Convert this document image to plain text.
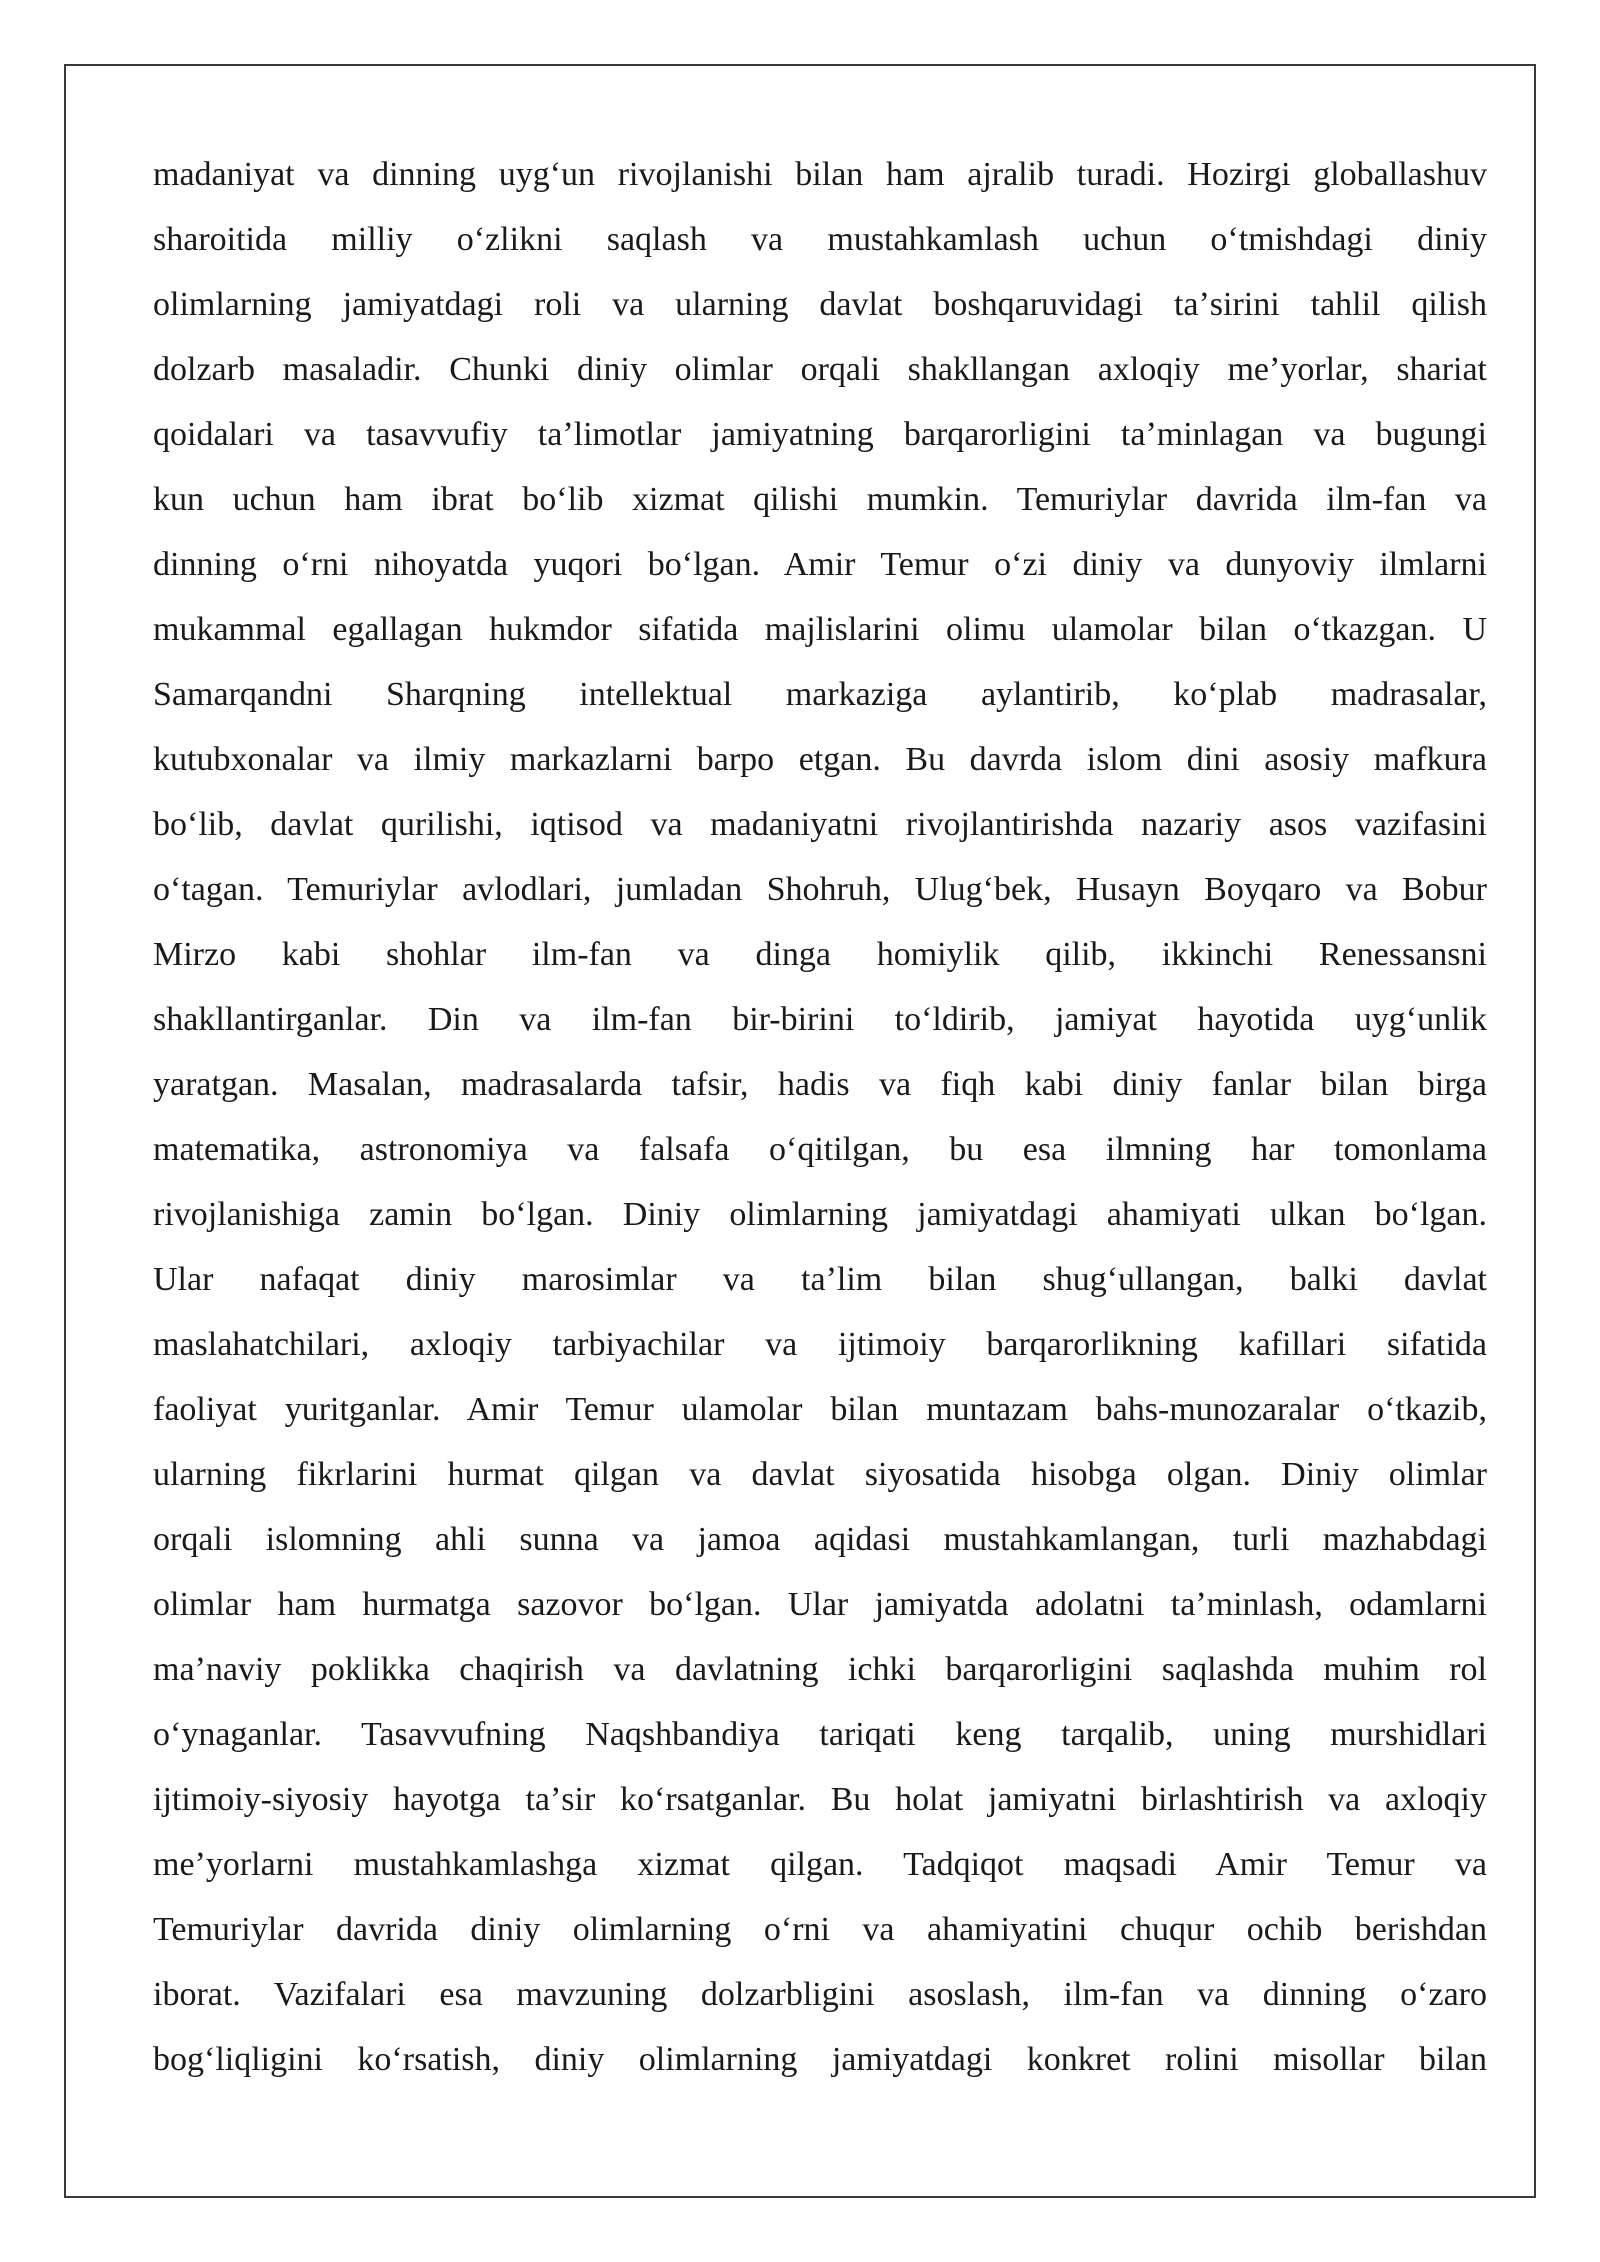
madaniyat va dinning uygʻun rivojlanishi bilan ham ajralib turadi. Hozirgi globallashuv
sharoitida milliy oʻzlikni saqlash va mustahkamlash uchun oʻtmishdagi diniy
olimlarning jamiyatdagi roli va ularning davlat boshqaruvidagi taʼsirini tahlil qilish
dolzarb masaladir. Chunki diniy olimlar orqali shakllangan axloqiy meʼyorlar, shariat
qoidalari va tasavvufiy taʼlimotlar jamiyatning barqarorligini taʼminlagan va bugungi
kun uchun ham ibrat boʻlib xizmat qilishi mumkin. Temuriylar davrida ilm-fan va
dinning oʻrni nihoyatda yuqori boʻlgan. Amir Temur oʻzi diniy va dunyoviy ilmlarni
mukammal egallagan hukmdor sifatida majlislarini olimu ulamolar bilan oʻtkazgan. U
Samarqandni Sharqning intellektual markaziga aylantirib, koʻplab madrasalar,
kutubxonalar va ilmiy markazlarni barpo etgan. Bu davrda islom dini asosiy mafkura
boʻlib, davlat qurilishi, iqtisod va madaniyatni rivojlantirishda nazariy asos vazifasini
oʻtagan. Temuriylar avlodlari, jumladan Shohruh, Ulugʻbek, Husayn Boyqaro va Bobur
Mirzo kabi shohlar ilm-fan va dinga homiylik qilib, ikkinchi Renessansni
shakllantirganlar. Din va ilm-fan bir-birini toʻldirib, jamiyat hayotida uygʻunlik
yaratgan. Masalan, madrasalarda tafsir, hadis va fiqh kabi diniy fanlar bilan birga
matematika, astronomiya va falsafa oʻqitilgan, bu esa ilmning har tomonlama
rivojlanishiga zamin boʻlgan. Diniy olimlarning jamiyatdagi ahamiyati ulkan boʻlgan.
Ular nafaqat diniy marosimlar va taʼlim bilan shugʻullangan, balki davlat
maslahatchilari, axloqiy tarbiyachilar va ijtimoiy barqarorlikning kafillari sifatida
faoliyat yuritganlar. Amir Temur ulamolar bilan muntazam bahs-munozaralar oʻtkazib,
ularning fikrlarini hurmat qilgan va davlat siyosatida hisobga olgan. Diniy olimlar
orqali islomning ahli sunna va jamoa aqidasi mustahkamlangan, turli mazhabdagi
olimlar ham hurmatga sazovor boʻlgan. Ular jamiyatda adolatni taʼminlash, odamlarni
maʼnaviy poklikka chaqirish va davlatning ichki barqarorligini saqlashda muhim rol
oʻynaganlar. Tasavvufning Naqshbandiya tariqati keng tarqalib, uning murshidlari
ijtimoiy-siyosiy hayotga taʼsir koʻrsatganlar. Bu holat jamiyatni birlashtirish va axloqiy
meʼyorlarni mustahkamlashga xizmat qilgan. Tadqiqot maqsadi Amir Temur va
Temuriylar davrida diniy olimlarning oʻrni va ahamiyatini chuqur ochib berishdan
iborat. Vazifalari esa mavzuning dolzarbligini asoslash, ilm-fan va dinning oʻzaro
bogʻliqligini koʻrsatish, diniy olimlarning jamiyatdagi konkret rolini misollar bilan
